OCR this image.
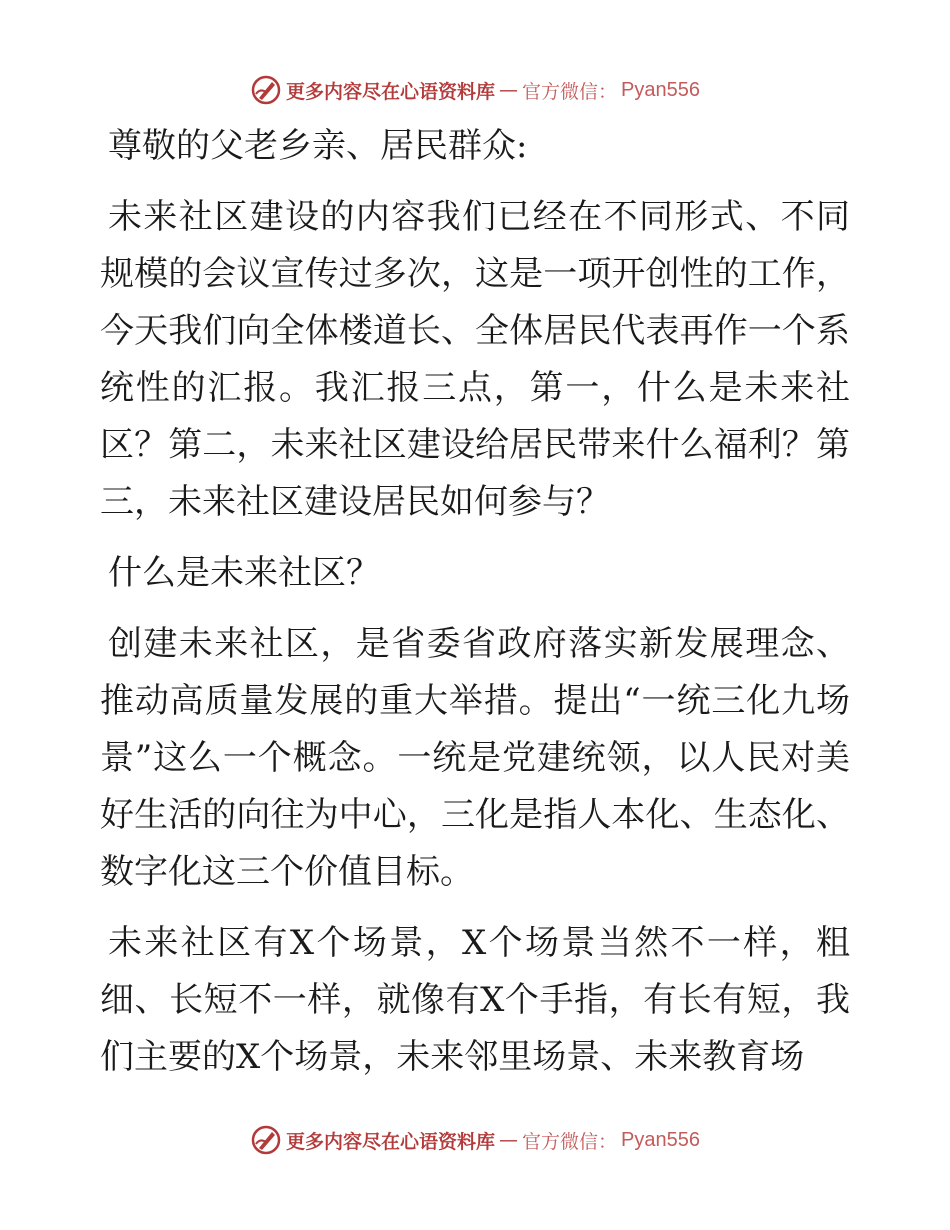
更多内容尽在心语资料库 — 官方微信： Pyan556

尊敬的父老乡亲、居民群众:

未来社区建设的内容我们已经在不同形式、不同规模的会议宣传过多次，这是一项开创性的工作，今天我们向全体楼道长、全体居民代表再作一个系统性的汇报。我汇报三点，第一，什么是未来社区？第二，未来社区建设给居民带来什么福利？第三，未来社区建设居民如何参与？

什么是未来社区？

创建未来社区，是省委省政府落实新发展理念、推动高质量发展的重大举措。提出“一统三化九场景”这么一个概念。一统是党建统领，以人民对美好生活的向往为中心，三化是指人本化、生态化、数字化这三个价值目标。

未来社区有X个场景，X个场景当然不一样，粗细、长短不一样，就像有X个手指，有长有短，我们主要的X个场景，未来邻里场景、未来教育场

更多内容尽在心语资料库 — 官方微信： Pyan556
